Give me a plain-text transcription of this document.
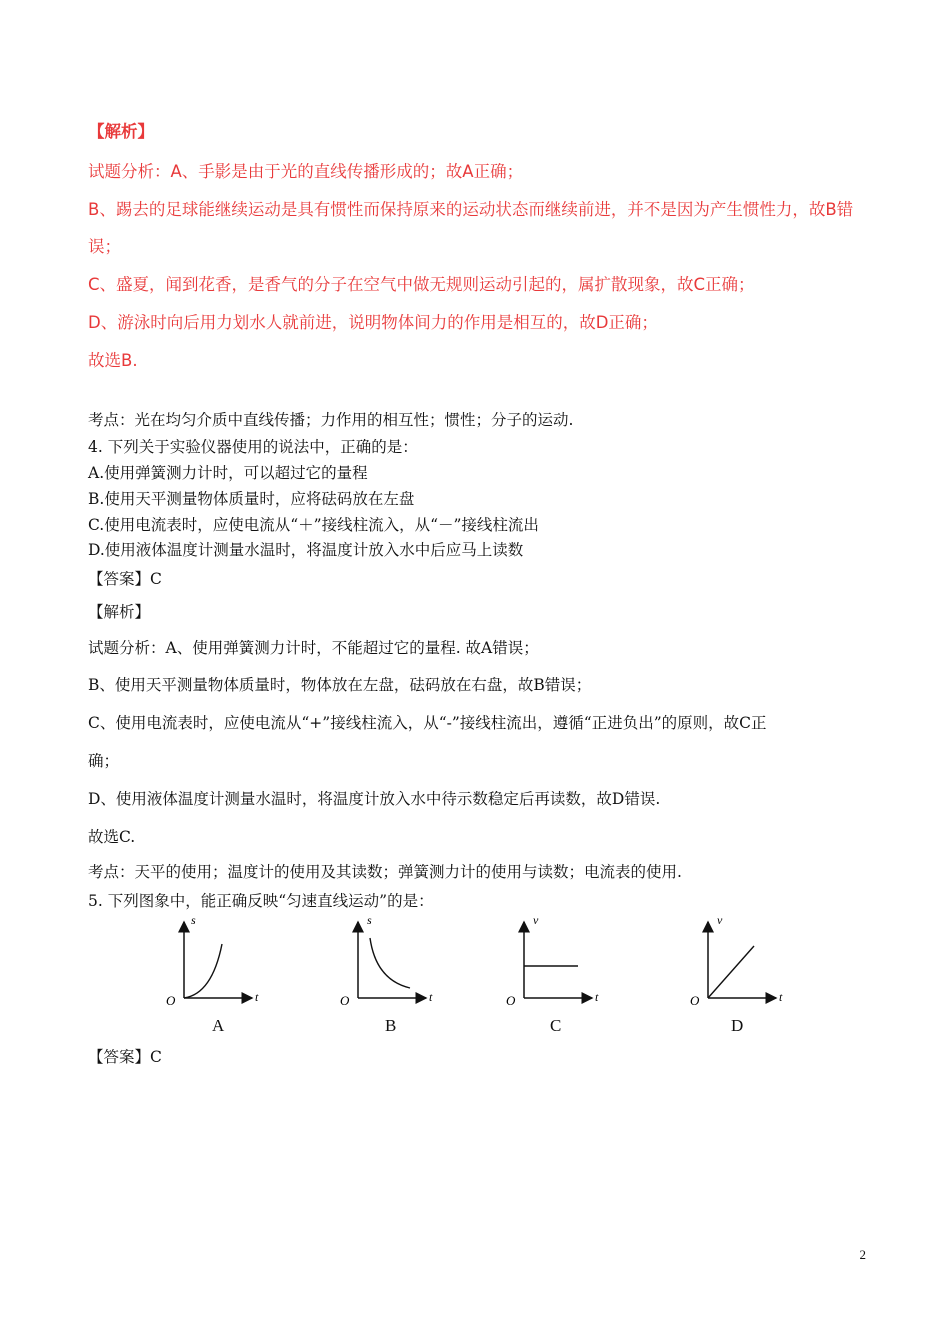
【解析】
试题分析：A、手影是由于光的直线传播形成的；故A正确；
B、踢去的足球能继续运动是具有惯性而保持原来的运动状态而继续前进，并不是因为产生惯性力，故B错
误；
C、盛夏，闻到花香，是香气的分子在空气中做无规则运动引起的，属扩散现象，故C正确；
D、游泳时向后用力划水人就前进，说明物体间力的作用是相互的，故D正确；
故选B.
考点：光在均匀介质中直线传播；力作用的相互性；惯性；分子的运动.
4. 下列关于实验仪器使用的说法中，正确的是：
A.使用弹簧测力计时，可以超过它的量程
B.使用天平测量物体质量时，应将砝码放在左盘
C.使用电流表时，应使电流从“＋”接线柱流入，从“－”接线柱流出
D.使用液体温度计测量水温时，将温度计放入水中后应马上读数
【答案】C
【解析】
试题分析：A、使用弹簧测力计时，不能超过它的量程. 故A错误；
B、使用天平测量物体质量时，物体放在左盘，砝码放在右盘，故B错误；
C、使用电流表时，应使电流从“+”接线柱流入，从“-”接线柱流出，遵循“正进负出”的原则，故C正
确；
D、使用液体温度计测量水温时，将温度计放入水中待示数稳定后再读数，故D错误.
故选C.
考点：天平的使用；温度计的使用及其读数；弹簧测力计的使用与读数；电流表的使用.
5. 下列图象中，能正确反映“匀速直线运动”的是：
s
t
O
A
s
t
O
B
v
t
O
C
v
t
O
D
【答案】C
2
